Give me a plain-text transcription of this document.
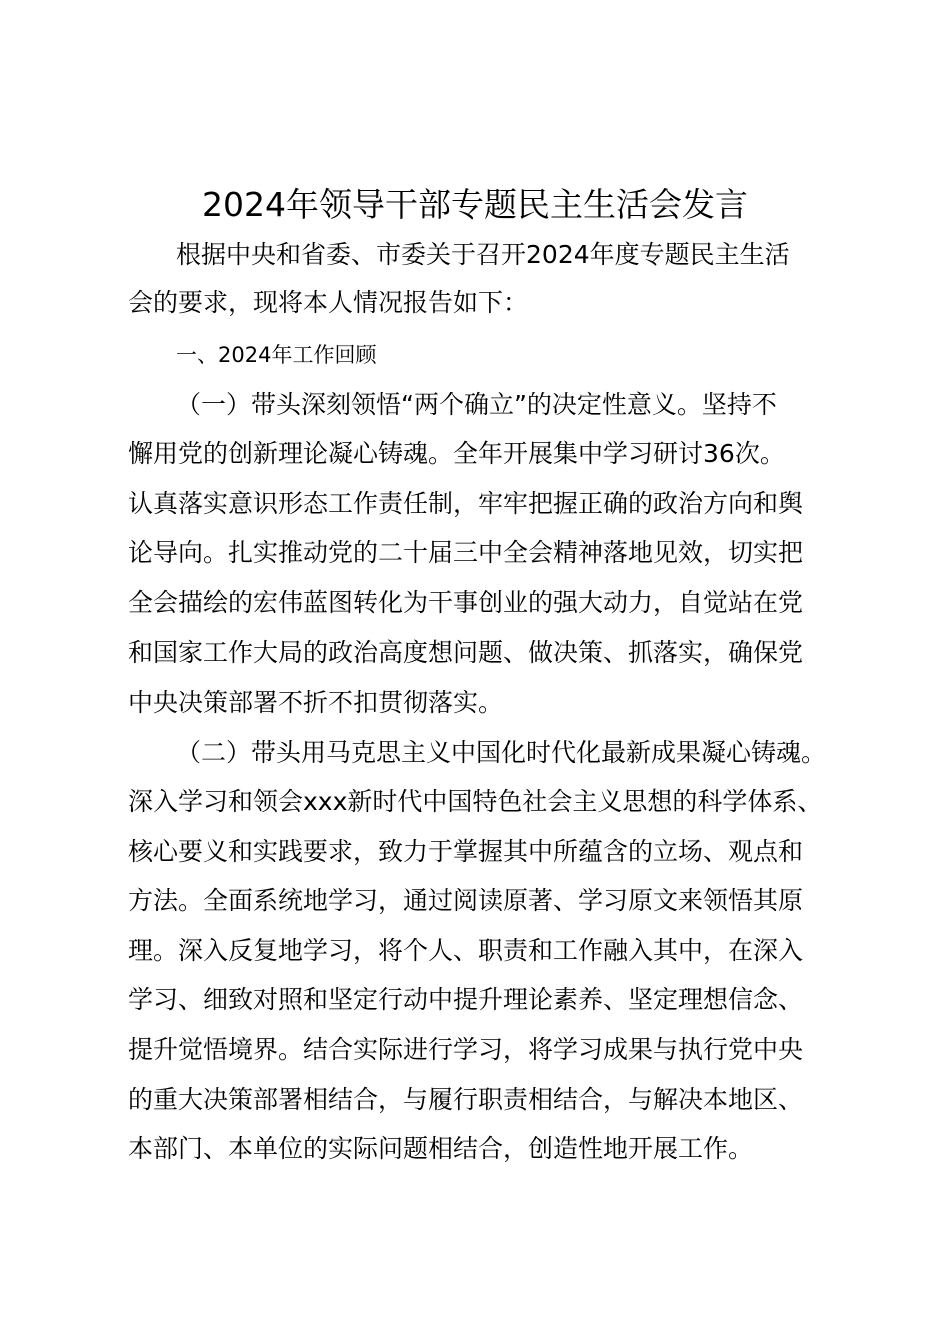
2024年领导干部专题民主生活会发言
根据中央和省委、市委关于召开2024年度专题民主生活
会的要求，现将本人情况报告如下：
一、2024年工作回顾
（一）带头深刻领悟“两个确立”的决定性意义。坚持不
懈用党的创新理论凝心铸魂。全年开展集中学习研讨36次。
认真落实意识形态工作责任制，牢牢把握正确的政治方向和舆
论导向。扎实推动党的二十届三中全会精神落地见效，切实把
全会描绘的宏伟蓝图转化为干事创业的强大动力，自觉站在党
和国家工作大局的政治高度想问题、做决策、抓落实，确保党
中央决策部署不折不扣贯彻落实。
（二）带头用马克思主义中国化时代化最新成果凝心铸魂。
深入学习和领会xxx新时代中国特色社会主义思想的科学体系、
核心要义和实践要求，致力于掌握其中所蕴含的立场、观点和
方法。全面系统地学习，通过阅读原著、学习原文来领悟其原
理。深入反复地学习，将个人、职责和工作融入其中，在深入
学习、细致对照和坚定行动中提升理论素养、坚定理想信念、
提升觉悟境界。结合实际进行学习，将学习成果与执行党中央
的重大决策部署相结合，与履行职责相结合，与解决本地区、
本部门、本单位的实际问题相结合，创造性地开展工作。
